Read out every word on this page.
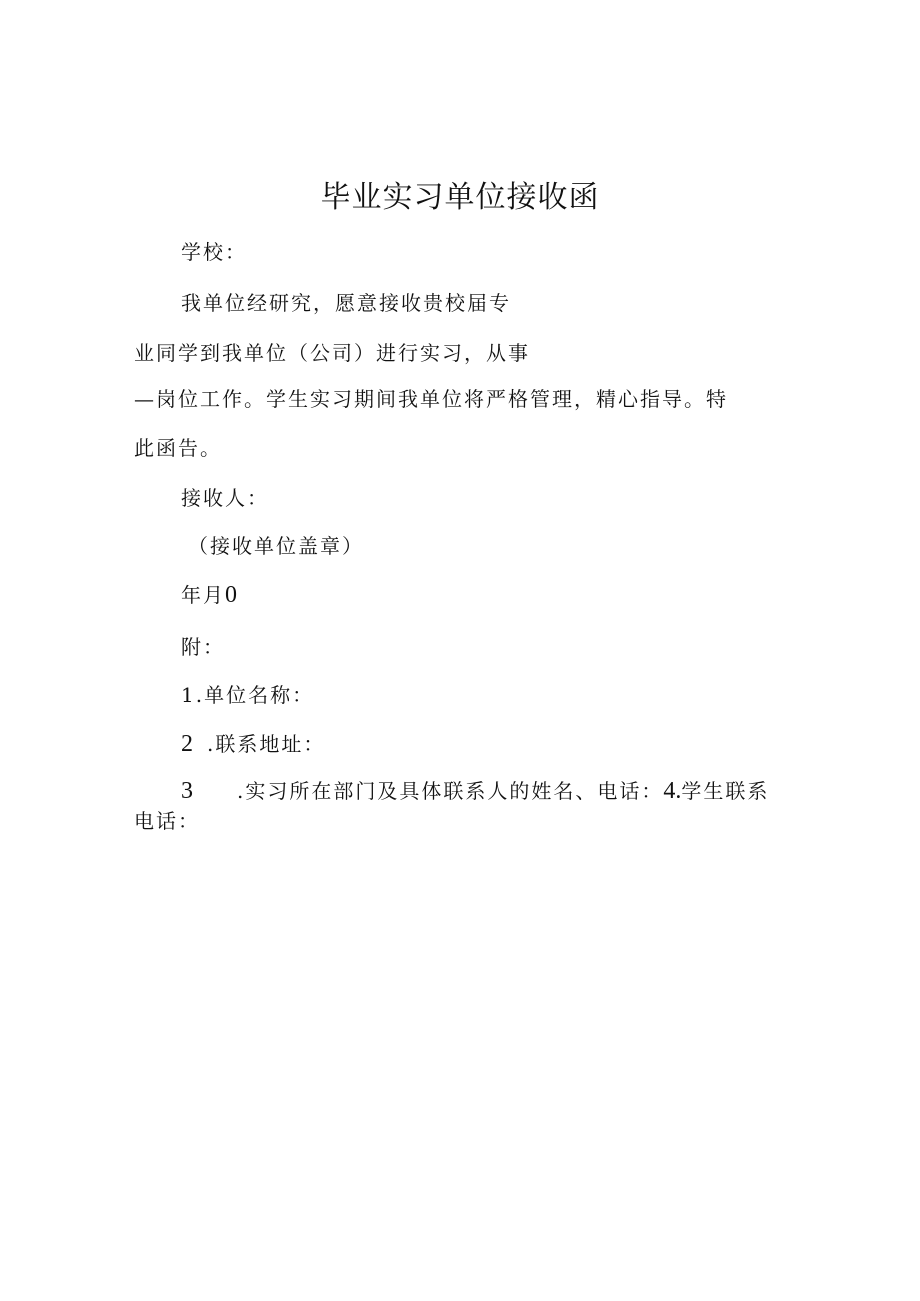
毕业实习单位接收函
学校：
我单位经研究，愿意接收贵校届专
业同学到我单位（公司）进行实习，从事
—岗位工作。学生实习期间我单位将严格管理，精心指导。特
此函告。
接收人：
（接收单位盖章）
年月0
附：
1.单位名称：
2 .联系地址：
3 .实习所在部门及具体联系人的姓名、电话：4.学生联系
电话：
